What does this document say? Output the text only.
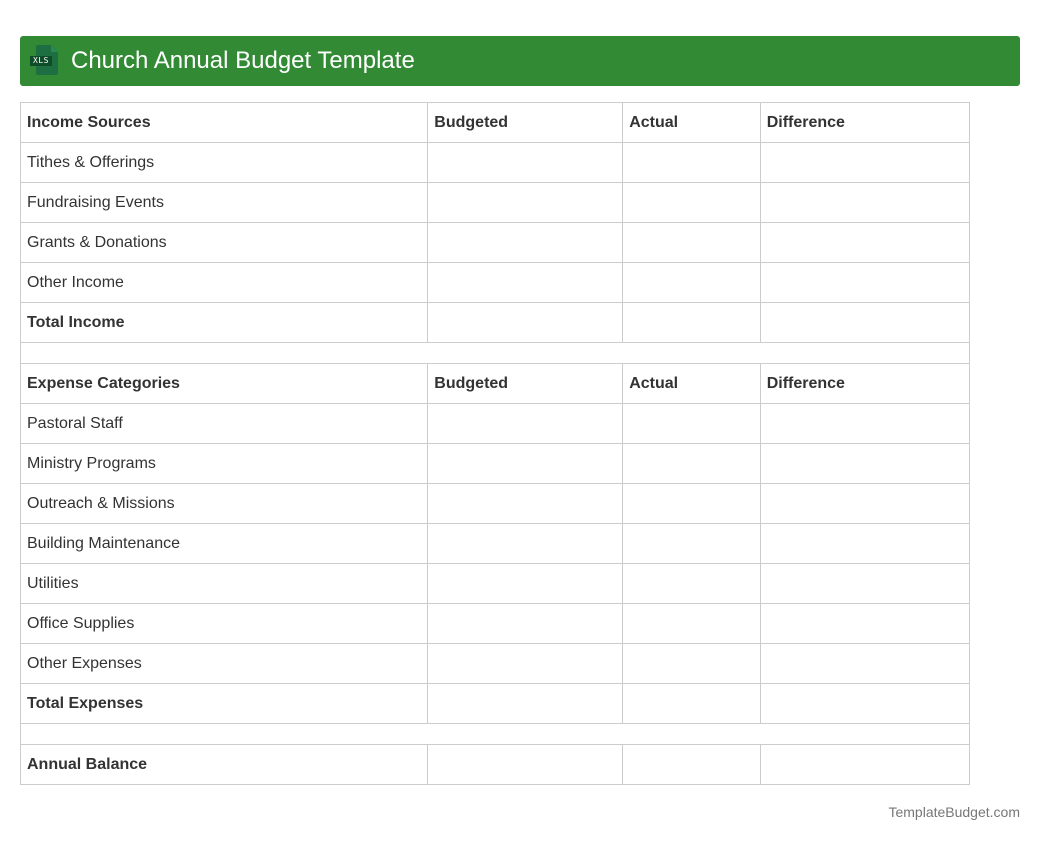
XLS Church Annual Budget Template
Income Sources	Budgeted	Actual	Difference
Tithes & Offerings			
Fundraising Events			
Grants & Donations			
Other Income			
Total Income			

Expense Categories	Budgeted	Actual	Difference
Pastoral Staff			
Ministry Programs			
Outreach & Missions			
Building Maintenance			
Utilities			
Office Supplies			
Other Expenses			
Total Expenses			

Annual Balance			
TemplateBudget.com
